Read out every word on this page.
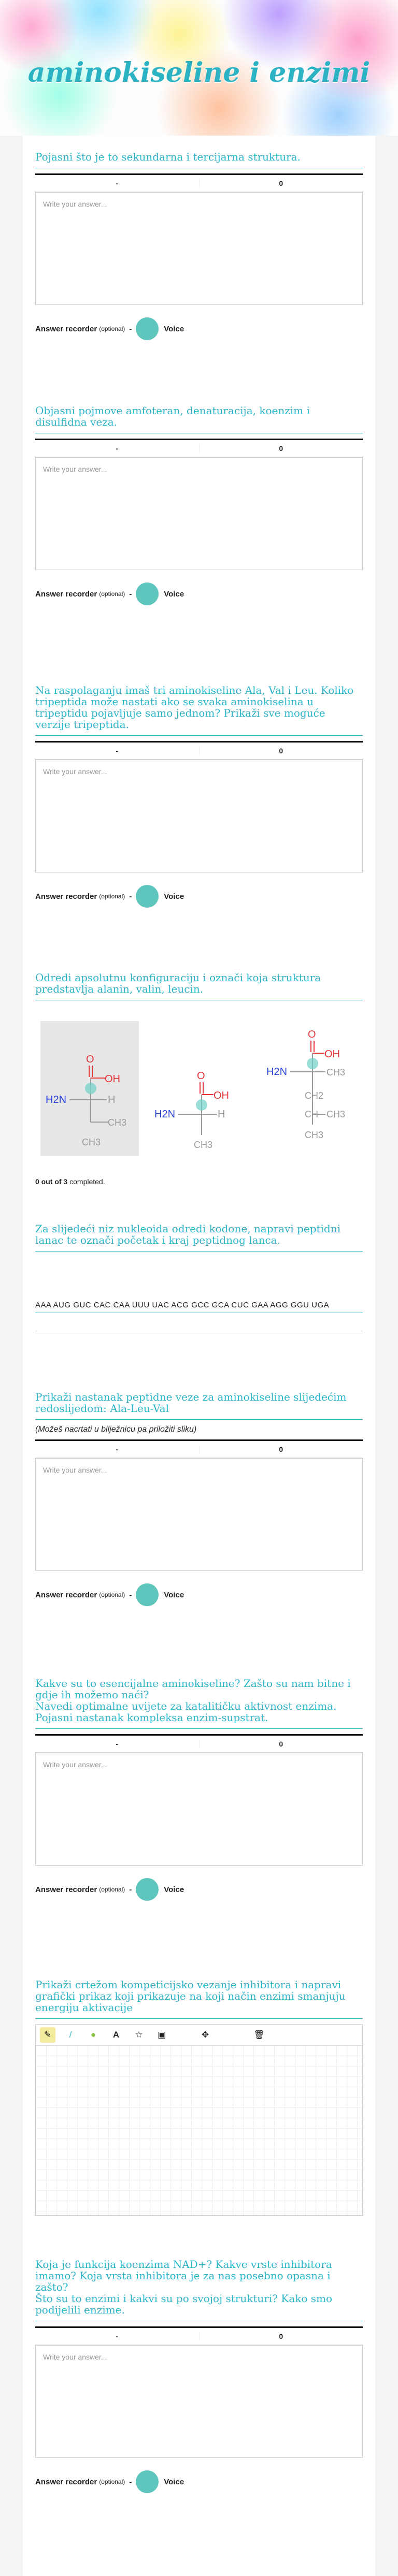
aminokiseline i enzimi
Pojasni što je to sekundarna i tercijarna struktura.
-	0
Write your answer...
Answer recorder (optional) -	Voice
Objasni pojmove amfoteran, denaturacija, koenzim i disulfidna veza.
-	0
Write your answer...
Answer recorder (optional) -	Voice
Na raspolaganju imaš tri aminokiseline Ala, Val i Leu. Koliko tripeptida može nastati ako se svaka aminokiselina u tripeptidu pojavljuje samo jednom? Prikaži sve moguće verzije tripeptida.
-	0
Write your answer...
Answer recorder (optional) -	Voice
Odredi apsolutnu konfiguraciju i označi koja struktura predstavlja alanin, valin, leucin.
O
OH
H2N	H
CH3
CH3
O
OH
H2N	H
CH3
O
OH
H2N	CH3
CH2
CH CH3
CH3
0 out of 3 completed.
Za slijedeći niz nukleoida odredi kodone, napravi peptidni lanac te označi početak i kraj peptidnog lanca.
AAA AUG GUC CAC CAA UUU UAC ACG GCC GCA CUC GAA AGG GGU UGA
Prikaži nastanak peptidne veze za aminokiseline slijedećim redoslijedom: Ala-Leu-Val
(Možeš nacrtati u bilježnicu pa priložiti sliku)
-	0
Write your answer...
Answer recorder (optional) -	Voice
Kakve su to esencijalne aminokiseline? Zašto su nam bitne i gdje ih možemo naći?
Navedi optimalne uvijete za katalitičku aktivnost enzima. Pojasni nastanak kompleksa enzim-supstrat.
-	0
Write your answer...
Answer recorder (optional) -	Voice
Prikaži crtežom kompeticijsko vezanje inhibitora i napravi grafički prikaz koji prikazuje na koji način enzimi smanjuju energiju aktivacije
✎	/	●	A	☆	▣	✥	🗑
Koja je funkcija koenzima NAD+? Kakve vrste inhibitora imamo? Koja vrsta inhibitora je za nas posebno opasna i zašto?
Što su to enzimi i kakvi su po svojoj strukturi? Kako smo podijelili enzime.
-	0
Write your answer...
Answer recorder (optional) -	Voice
